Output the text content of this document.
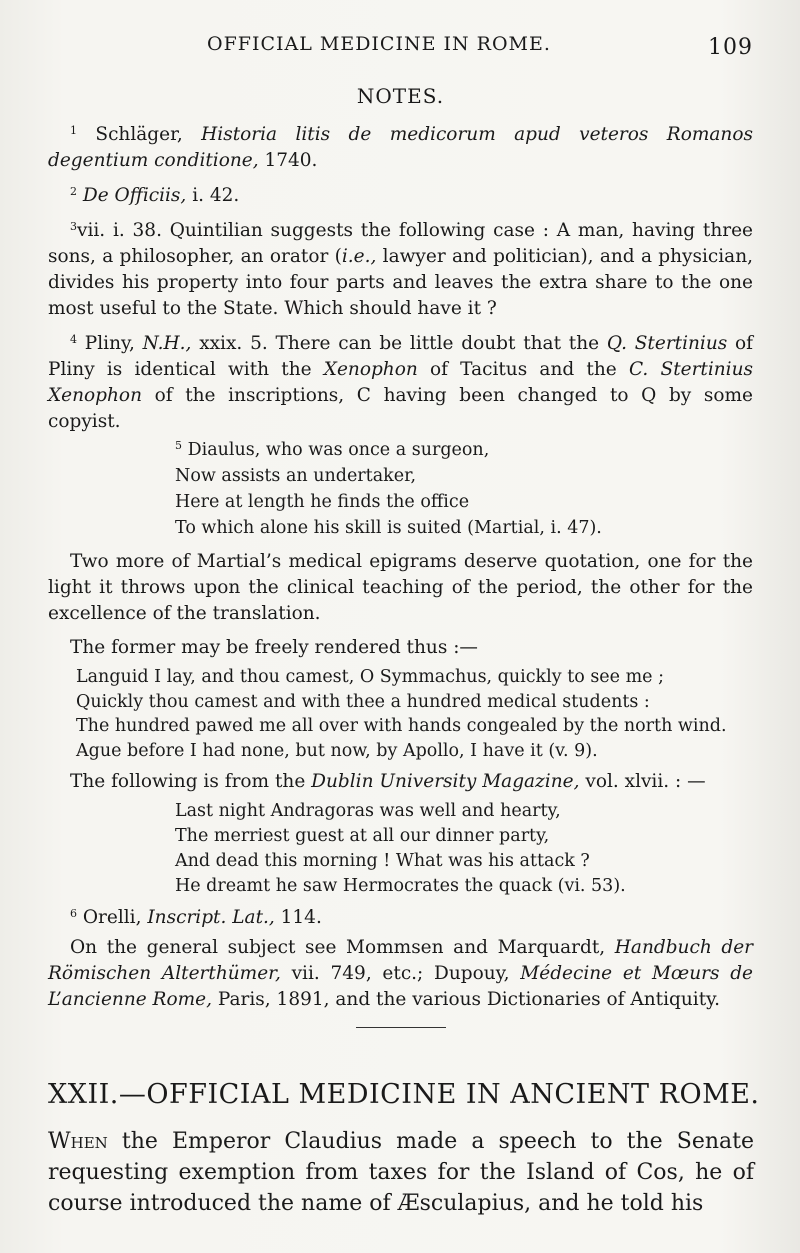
OFFICIAL MEDICINE IN ROME.	109
NOTES.

$^1$ Schläger, Historia litis de medicorum apud veteros Romanos degentium conditione, 1740.

$^2$ De Officiis, i. 42.

$^3$vii. i. 38. Quintilian suggests the following case : A man, having three sons, a philosopher, an orator (i.e., lawyer and politician), and a physician, divides his property into four parts and leaves the extra share to the one most useful to the State. Which should have it ?

$^4$ Pliny, N.H., xxix. 5. There can be little doubt that the Q. Stertinius of Pliny is identical with the Xenophon of Tacitus and the C. Stertinius Xenophon of the inscriptions, C having been changed to Q by some copyist.

$^5$ Diaulus, who was once a surgeon,
Now assists an undertaker,
Here at length he finds the office
To which alone his skill is suited (Martial, i. 47).

Two more of Martial’s medical epigrams deserve quotation, one for the light it throws upon the clinical teaching of the period, the other for the excellence of the translation.

The former may be freely rendered thus :—

Languid I lay, and thou camest, O Symmachus, quickly to see me ;
Quickly thou camest and with thee a hundred medical students :
The hundred pawed me all over with hands congealed by the north wind.
Ague before I had none, but now, by Apollo, I have it (v. 9).

The following is from the Dublin University Magazine, vol. xlvii. : —

Last night Andragoras was well and hearty,
The merriest guest at all our dinner party,
And dead this morning ! What was his attack ?
He dreamt he saw Hermocrates the quack (vi. 53).

$^6$ Orelli, Inscript. Lat., 114.

On the general subject see Mommsen and Marquardt, Handbuch der Römischen Alterthümer, vii. 749, etc.; Dupouy, Médecine et Mœurs de L’ancienne Rome, Paris, 1891, and the various Dictionaries of Antiquity.

XXII.—OFFICIAL MEDICINE IN ANCIENT ROME.

When the Emperor Claudius made a speech to the Senate requesting exemption from taxes for the Island of Cos, he of course introduced the name of Æsculapius, and he told his
